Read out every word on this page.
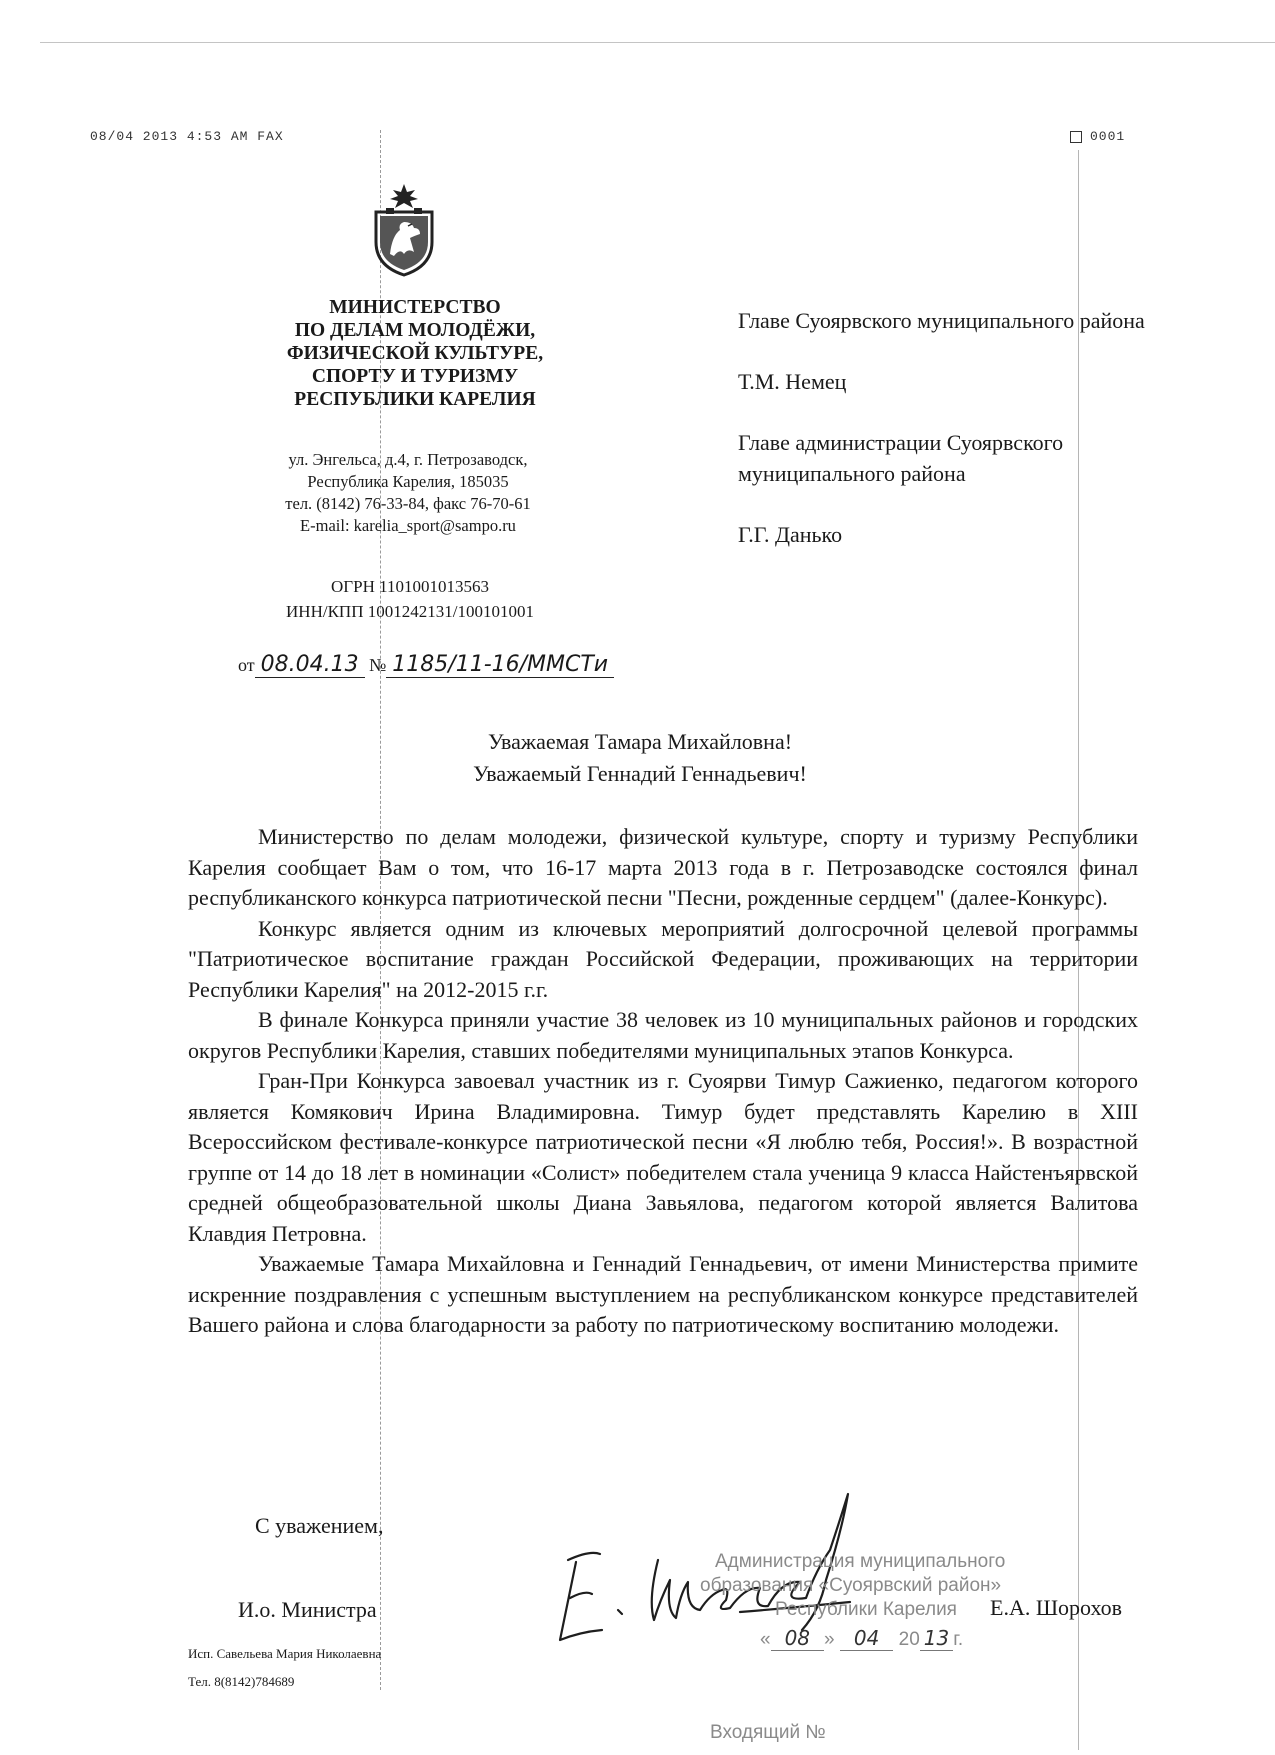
08/04 2013 4:53 AM FAX	0001
МИНИСТЕРСТВО
ПО ДЕЛАМ МОЛОДЁЖИ,
ФИЗИЧЕСКОЙ КУЛЬТУРЕ,
СПОРТУ И ТУРИЗМУ
РЕСПУБЛИКИ КАРЕЛИЯ
ул. Энгельса, д.4, г. Петрозаводск,
Республика Карелия, 185035
тел. (8142) 76-33-84, факс 76-70-61
E-mail: karelia_sport@sampo.ru
ОГРН 1101001013563
ИНН/КПП 1001242131/100101001
от 08.04.13 № 1185/11-16/ММСТи
Главе Суоярвского муниципального района
Т.М. Немец
Главе администрации Суоярвского муниципального района
Г.Г. Данько
Уважаемая Тамара Михайловна!
Уважаемый Геннадий Геннадьевич!

Министерство по делам молодежи, физической культуре, спорту и туризму Республики Карелия сообщает Вам о том, что 16-17 марта 2013 года в г. Петрозаводске состоялся финал республиканского конкурса патриотической песни "Песни, рожденные сердцем" (далее-Конкурс).

Конкурс является одним из ключевых мероприятий долгосрочной целевой программы "Патриотическое воспитание граждан Российской Федерации, проживающих на территории Республики Карелия" на 2012-2015 г.г.

В финале Конкурса приняли участие 38 человек из 10 муниципальных районов и городских округов Республики Карелия, ставших победителями муниципальных этапов Конкурса.

Гран-При Конкурса завоевал участник из г. Суоярви Тимур Сажиенко, педагогом которого является Комякович Ирина Владимировна. Тимур будет представлять Карелию в XIII Всероссийском фестивале-конкурсе патриотической песни «Я люблю тебя, Россия!». В возрастной группе от 14 до 18 лет в номинации «Солист» победителем стала ученица 9 класса Найстенъярвской средней общеобразовательной школы Диана Завьялова, педагогом которой является Валитова Клавдия Петровна.

Уважаемые Тамара Михайловна и Геннадий Геннадьевич, от имени Министерства примите искренние поздравления с успешным выступлением на республиканском конкурсе представителей Вашего района и слова благодарности за работу по патриотическому воспитанию молодежи.

С уважением,
И.о. Министра	Е.А. Шорохов
Исп. Савельева Мария Николаевна
Тел. 8(8142)784689
Администрация муниципального
образования «Суоярвский район»
Республики Карелия
« 08 » 04 20 13 г.
Входящий №
